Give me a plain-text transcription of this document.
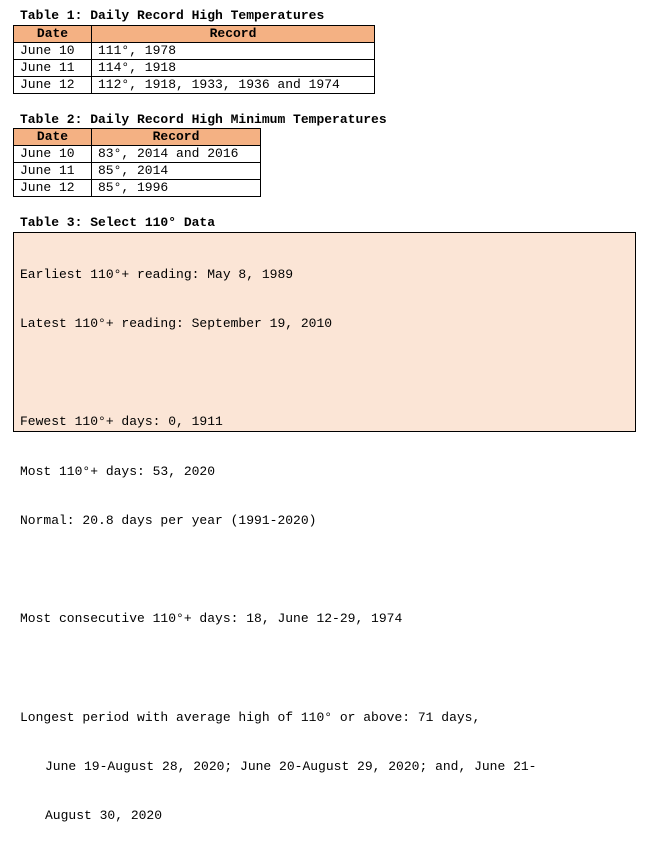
Table 1: Daily Record High Temperatures
Date	Record
June 10	111°, 1978
June 11	114°, 1918
June 12	112°, 1918, 1933, 1936 and 1974
Table 2: Daily Record High Minimum Temperatures
Date	Record
June 10	83°, 2014 and 2016
June 11	85°, 2014
June 12	85°, 1996
Table 3: Select 110° Data

Earliest 110°+ reading: May 8, 1989

Latest 110°+ reading: September 19, 2010

Fewest 110°+ days: 0, 1911

Most 110°+ days: 53, 2020

Normal: 20.8 days per year (1991-2020)

Most consecutive 110°+ days: 18, June 12-29, 1974

Longest period with average high of 110° or above: 71 days,

June 19-August 28, 2020; June 20-August 29, 2020; and, June 21-

August 30, 2020
